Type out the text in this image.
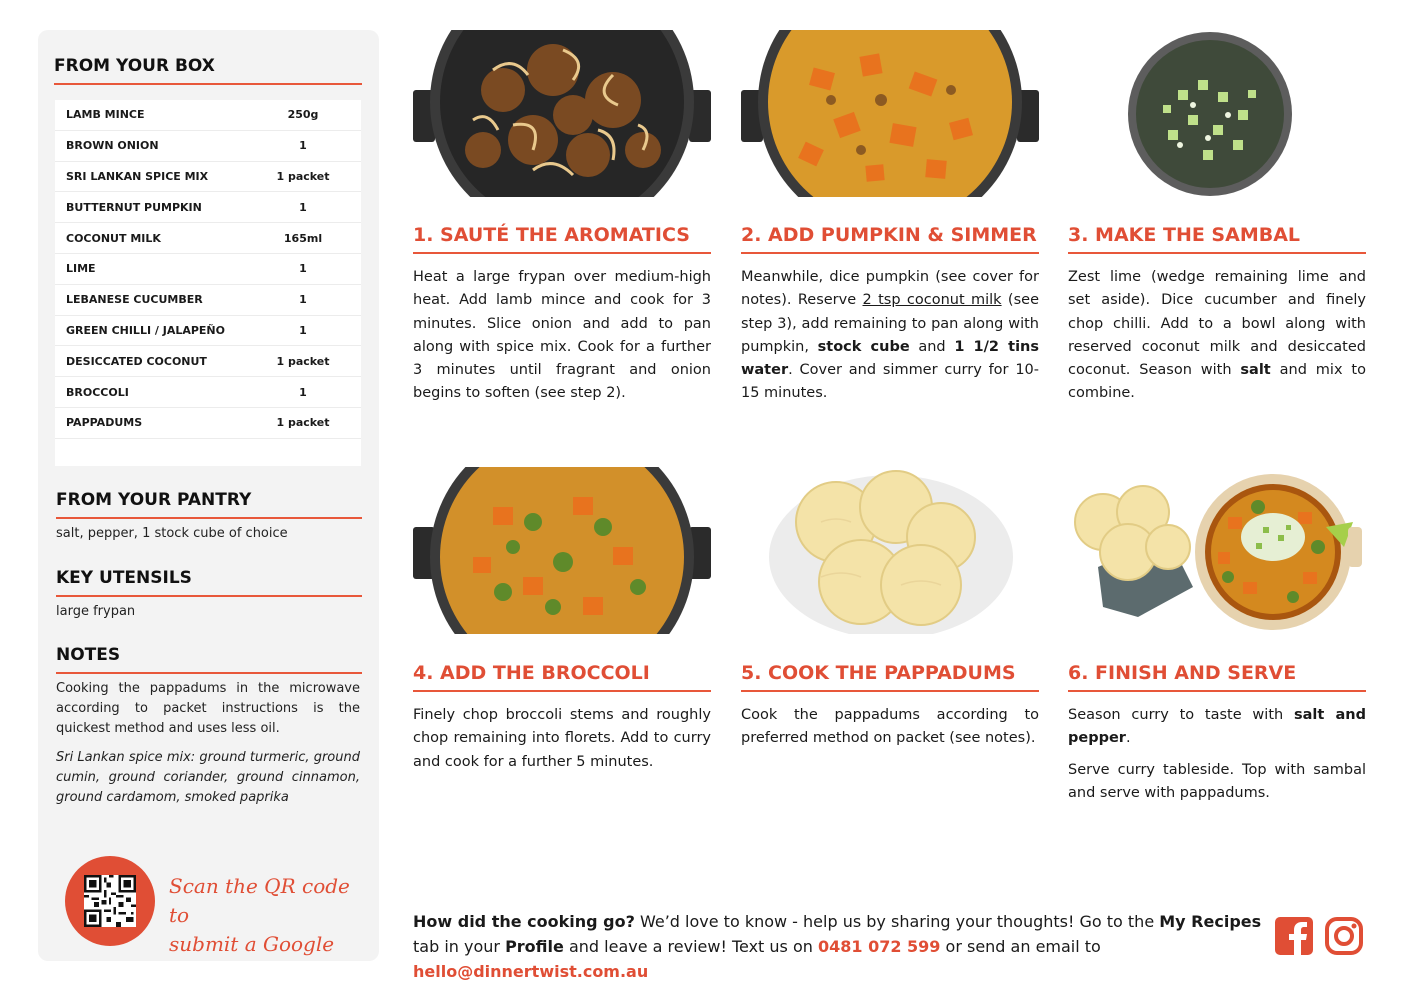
FROM YOUR BOX
LAMB MINCE	250g
BROWN ONION	1
SRI LANKAN SPICE MIX	1 packet
BUTTERNUT PUMPKIN	1
COCONUT MILK	165ml
LIME	1
LEBANESE CUCUMBER	1
GREEN CHILLI / JALAPEÑO	1
DESICCATED COCONUT	1 packet
BROCCOLI	1
PAPPADUMS	1 packet
FROM YOUR PANTRY
salt, pepper, 1 stock cube of choice
KEY UTENSILS
large frypan
NOTES
Cooking the pappadums in the microwave according to packet instructions is the quickest method and uses less oil.
Sri Lankan spice mix: ground turmeric, ground cumin, ground coriander, ground cinnamon, ground cardamom, smoked paprika
Scan the QR code to
submit a Google
1. SAUTÉ THE AROMATICS
Heat a large frypan over medium-high heat. Add lamb mince and cook for 3 minutes. Slice onion and add to pan along with spice mix. Cook for a further 3 minutes until fragrant and onion begins to soften (see step 2).
2. ADD PUMPKIN & SIMMER
Meanwhile, dice pumpkin (see cover for notes). Reserve 2 tsp coconut milk (see step 3), add remaining to pan along with pumpkin, stock cube and 1 1/2 tins water. Cover and simmer curry for 10-15 minutes.
3. MAKE THE SAMBAL
Zest lime (wedge remaining lime and set aside). Dice cucumber and finely chop chilli. Add to a bowl along with reserved coconut milk and desiccated coconut. Season with salt and mix to combine.
4. ADD THE BROCCOLI
Finely chop broccoli stems and roughly chop remaining into florets. Add to curry and cook for a further 5 minutes.
5. COOK THE PAPPADUMS
Cook the pappadums according to preferred method on packet (see notes).
6. FINISH AND SERVE
Season curry to taste with salt and pepper.
Serve curry tableside. Top with sambal and serve with pappadums.
How did the cooking go? We’d love to know - help us by sharing your thoughts! Go to the My Recipes tab in your Profile and leave a review! Text us on 0481 072 599 or send an email to hello@dinnertwist.com.au
